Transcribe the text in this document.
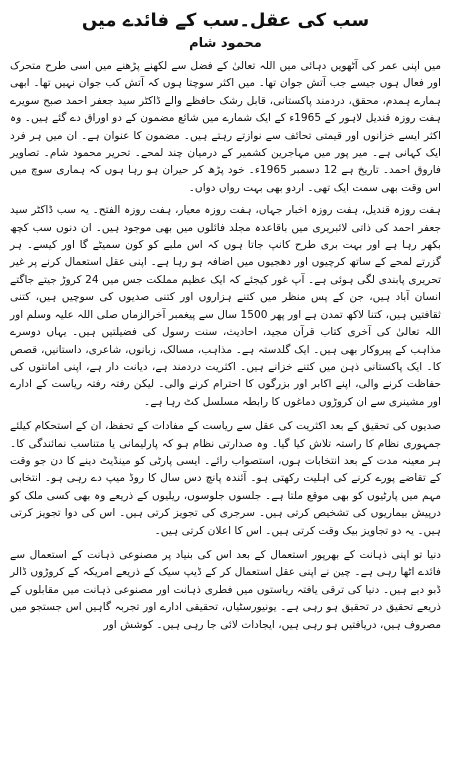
سب کی عقل۔سب کے فائدے میں
محمود شام

میں اپنی عمر کی آٹھویں دہائی میں اللہ تعالیٰ کے فضل سے لکھنے پڑھنے میں اسی طرح متحرک اور فعال ہوں جیسے جب آتش جوان تھا۔ میں اکثر سوچتا ہوں کہ آتش کب جوان نہیں تھا۔ ابھی ہمارے ہمدم، محقق، دردمند پاکستانی، قابل رشک حافظے والے ڈاکٹر سید جعفر احمد صبح سویرے ہفت روزہ قندیل لاہور کے 1965ء کے ایک شمارے میں شائع مضمون کے دو اوراق دے گئے ہیں۔ وہ اکثر ایسے خزانوں اور قیمتی تحائف سے نوازتے رہتے ہیں۔ مضمون کا عنوان ہے۔ ان میں ہر فرد ایک کہانی ہے۔ میر پور میں مہاجرین کشمیر کے درمیان چند لمحے۔ تحریر محمود شام۔ تصاویر فاروق احمد۔ تاریخ ہے 12 دسمبر 1965ء۔ خود پڑھ کر حیران ہو رہا ہوں کہ ہماری سوچ میں اس وقت بھی سمت ایک تھی۔ اردو بھی بہت رواں دواں۔

ہفت روزہ قندیل، ہفت روزہ اخبار جہاں، ہفت روزہ معیار، ہفت روزہ الفتح۔ یہ سب ڈاکٹر سید جعفر احمد کی ذاتی لائبریری میں باقاعدہ مجلد فائلوں میں بھی موجود ہیں۔ ان دنوں سب کچھ بکھر رہا ہے اور بہت بری طرح کانپ جاتا ہوں کہ اس ملبے کو کون سمیٹے گا اور کیسے۔ ہر گزرتے لمحے کے ساتھ کرچیوں اور دھجیوں میں اضافہ ہو رہا ہے۔ اپنی عقل استعمال کرنے پر غیر تحریری پابندی لگی ہوئی ہے۔ آپ غور کیجئے کہ ایک عظیم مملکت جس میں 24 کروڑ جیتے جاگتے انسان آباد ہیں، جن کے پس منظر میں کتنے ہزاروں اور کتنی صدیوں کی سوچیں ہیں، کتنی ثقافتیں ہیں، کتنا لاکھ تمدن ہے اور پھر 1500 سال سے پیغمبر آخرالزماں صلی اللہ علیہ وسلم اور اللہ تعالیٰ کی آخری کتاب قرآن مجید، احادیث، سنت رسول کی فضیلتیں ہیں۔ یہاں دوسرے مذاہب کے پیروکار بھی ہیں۔ ایک گلدستہ ہے۔ مذاہب، مسالک، زبانوں، شاعری، داستانیں، قصص کا۔ ایک پاکستانی ذہن میں کتنے خزانے ہیں۔ اکثریت دردمند ہے، دیانت دار ہے، اپنی امانتوں کی حفاظت کرنے والی، اپنے اکابر اور بزرگوں کا احترام کرنے والی۔ لیکن رفتہ رفتہ ریاست کے ادارے اور مشینری سے ان کروڑوں دماغوں کا رابطہ مسلسل کٹ رہا ہے۔

صدیوں کی تحقیق کے بعد اکثریت کی عقل سے ریاست کے مفادات کے تحفظ، ان کے استحکام کیلئے جمہوری نظام کا راستہ تلاش کیا گیا۔ وہ صدارتی نظام ہو کہ پارلیمانی یا متناسب نمائندگی کا۔ ہر معینہ مدت کے بعد انتخابات ہوں، استصواب رائے۔ ایسی پارٹی کو مینڈیٹ دینے کا دن جو وقت کے تقاضے پورے کرنے کی اہلیت رکھتی ہو۔ آئندہ پانچ دس سال کا روڈ میپ دے رہی ہو۔ انتخابی مہم میں پارٹیوں کو بھی موقع ملتا ہے۔ جلسوں جلوسوں، ریلیوں کے ذریعے وہ بھی کسی ملک کو درپیش بیماریوں کی تشخیص کرتی ہیں۔ سرجری کی تجویز کرتی ہیں۔ اس کی دوا تجویز کرتی ہیں۔ یہ دو تجاویز بیک وقت کرتی ہیں۔ اس کا اعلان کرتی ہیں۔

دنیا تو اپنی ذہانت کے بھرپور استعمال کے بعد اس کی بنیاد پر مصنوعی ذہانت کے استعمال سے فائدے اٹھا رہی ہے۔ چین نے اپنی عقل استعمال کر کے ڈیپ سیک کے ذریعے امریکہ کے کروڑوں ڈالر ڈبو دیے ہیں۔ دنیا کی ترقی یافتہ ریاستوں میں فطری ذہانت اور مصنوعی ذہانت میں مقابلوں کے ذریعے تحقیق در تحقیق ہو رہی ہے۔ یونیورسٹیاں، تحقیقی ادارے اور تجربہ گاہیں اس جستجو میں مصروف ہیں، دریافتیں ہو رہی ہیں، ایجادات لائی جا رہی ہیں۔ کوشش اور
